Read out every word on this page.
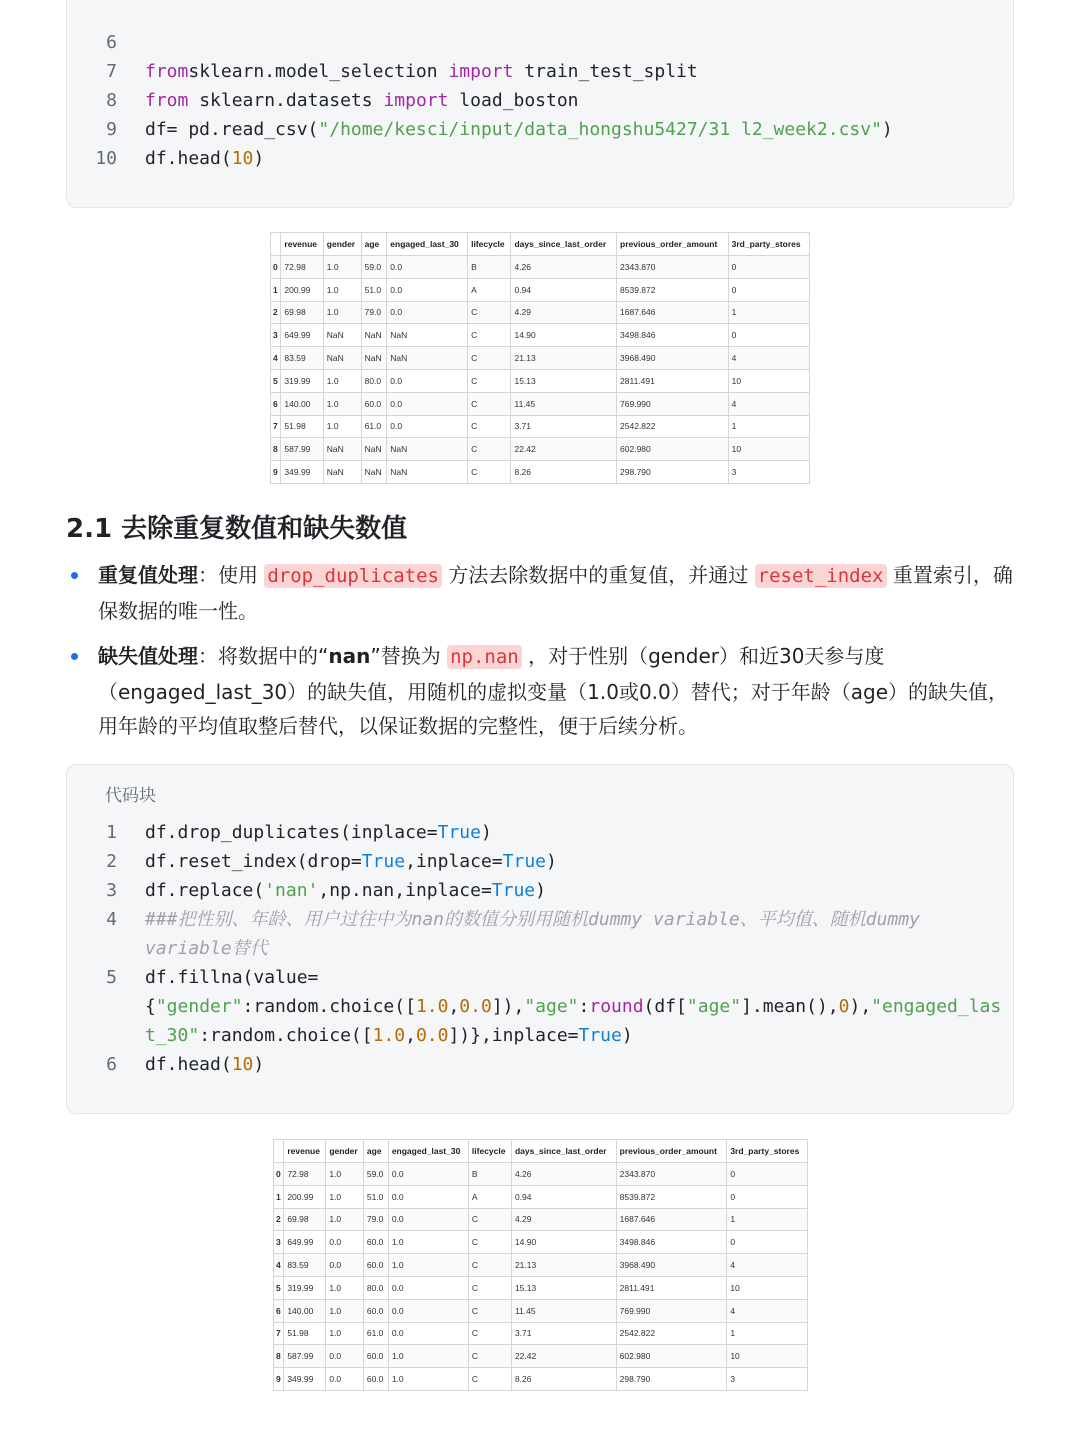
6
7 fromsklearn.model_selection import train_test_split
8 from sklearn.datasets import load_boston
9 df= pd.read_csv("/home/kesci/input/data_hongshu5427/31 l2_week2.csv")
10 df.head(10)
	revenue	gender	age	engaged_last_30	lifecycle	days_since_last_order	previous_order_amount	3rd_party_stores
0	72.98	1.0	59.0	0.0	B	4.26	2343.870	0
1	200.99	1.0	51.0	0.0	A	0.94	8539.872	0
2	69.98	1.0	79.0	0.0	C	4.29	1687.646	1
3	649.99	NaN	NaN	NaN	C	14.90	3498.846	0
4	83.59	NaN	NaN	NaN	C	21.13	3968.490	4
5	319.99	1.0	80.0	0.0	C	15.13	2811.491	10
6	140.00	1.0	60.0	0.0	C	11.45	769.990	4
7	51.98	1.0	61.0	0.0	C	3.71	2542.822	1
8	587.99	NaN	NaN	NaN	C	22.42	602.980	10
9	349.99	NaN	NaN	NaN	C	8.26	298.790	3
2.1 去除重复数值和缺失数值
重复值处理：使用 drop_duplicates 方法去除数据中的重复值，并通过 reset_index 重置索引，确保数据的唯一性。
缺失值处理：将数据中的“nan”替换为 np.nan ，对于性别（gender）和近30天参与度（engaged_last_30）的缺失值，用随机的虚拟变量（1.0或0.0）替代；对于年龄（age）的缺失值，用年龄的平均值取整后替代，以保证数据的完整性，便于后续分析。
代码块
1 df.drop_duplicates(inplace=True)
2 df.reset_index(drop=True,inplace=True)
3 df.replace('nan',np.nan,inplace=True)
4 ###把性别、年龄、用户过往中为nan的数值分别用随机dummy variable、平均值、随机dummy
variable替代
5 df.fillna(value=
{"gender":random.choice([1.0,0.0]),"age":round(df["age"].mean(),0),"engaged_las
t_30":random.choice([1.0,0.0])},inplace=True)
6 df.head(10)
	revenue	gender	age	engaged_last_30	lifecycle	days_since_last_order	previous_order_amount	3rd_party_stores
0	72.98	1.0	59.0	0.0	B	4.26	2343.870	0
1	200.99	1.0	51.0	0.0	A	0.94	8539.872	0
2	69.98	1.0	79.0	0.0	C	4.29	1687.646	1
3	649.99	0.0	60.0	1.0	C	14.90	3498.846	0
4	83.59	0.0	60.0	1.0	C	21.13	3968.490	4
5	319.99	1.0	80.0	0.0	C	15.13	2811.491	10
6	140.00	1.0	60.0	0.0	C	11.45	769.990	4
7	51.98	1.0	61.0	0.0	C	3.71	2542.822	1
8	587.99	0.0	60.0	1.0	C	22.42	602.980	10
9	349.99	0.0	60.0	1.0	C	8.26	298.790	3
